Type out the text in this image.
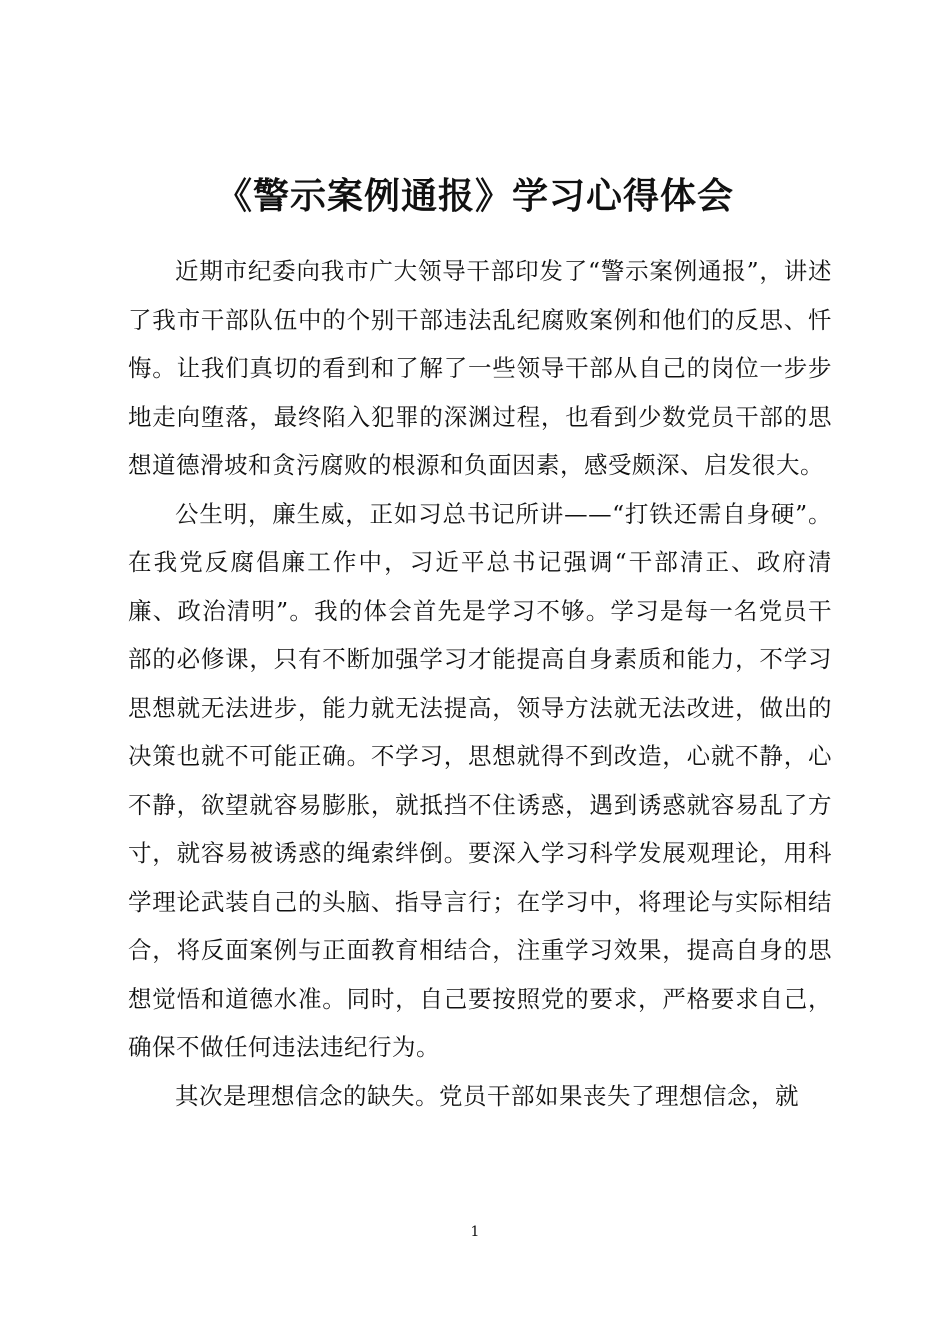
《警示案例通报》学习心得体会

近期市纪委向我市广大领导干部印发了“警示案例通报”，讲述了我市干部队伍中的个别干部违法乱纪腐败案例和他们的反思、忏悔。让我们真切的看到和了解了一些领导干部从自己的岗位一步步地走向堕落，最终陷入犯罪的深渊过程，也看到少数党员干部的思想道德滑坡和贪污腐败的根源和负面因素，感受颇深、启发很大。

公生明，廉生威，正如习总书记所讲——“打铁还需自身硬”。在我党反腐倡廉工作中，习近平总书记强调“干部清正、政府清廉、政治清明”。我的体会首先是学习不够。学习是每一名党员干部的必修课，只有不断加强学习才能提高自身素质和能力，不学习思想就无法进步，能力就无法提高，领导方法就无法改进，做出的决策也就不可能正确。不学习，思想就得不到改造，心就不静，心不静，欲望就容易膨胀，就抵挡不住诱惑，遇到诱惑就容易乱了方寸，就容易被诱惑的绳索绊倒。要深入学习科学发展观理论，用科学理论武装自己的头脑、指导言行；在学习中，将理论与实际相结合，将反面案例与正面教育相结合，注重学习效果，提高自身的思想觉悟和道德水准。同时，自己要按照党的要求，严格要求自己，确保不做任何违法违纪行为。

其次是理想信念的缺失。党员干部如果丧失了理想信念，就

1
